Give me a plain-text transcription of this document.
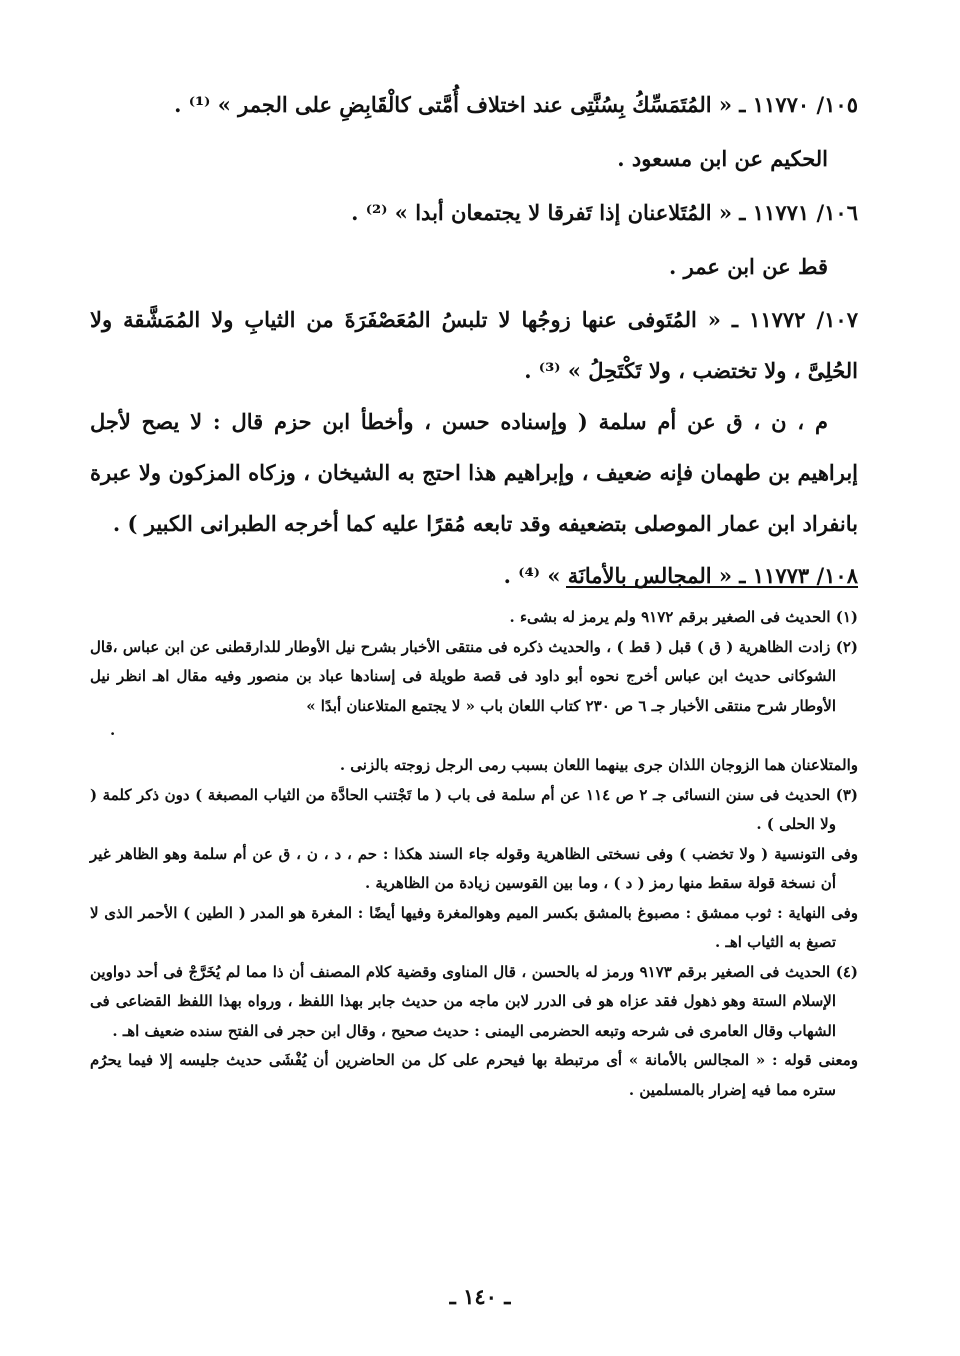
١٠٥/ ١١٧٧٠ ـ « المُتَمَسِّكُ بِسُنَّتِى عند اختلاف أُمَّتى كالْقَابِضِ على الجمر » ⁽¹⁾ .

الحكيم عن ابن مسعود .

١٠٦/ ١١٧٧١ ـ « المُتَلاعنان إذا تَفرقا لا يجتمعان أبدا » ⁽²⁾ .

قط عن ابن عمر .

١٠٧/ ١١٧٧٢ ـ « المُتَوفى عنها زوجُها لا تلبسُ المُعَصْفَرَةَ من الثيابِ ولا المُمَشَّقة ولا الحُلِىَّ ، ولا تختضب ، ولا تَكْتَحِلُ » ⁽³⁾ .

م ، ن ، ق عن أم سلمة ( وإسناده حسن ، وأخطأ ابن حزم قال : لا يصح لأجل إبراهيم بن طهمان فإنه ضعيف ، وإبراهيم هذا احتج به الشيخان ، وزكاه المزكون ولا عبرة بانفراد ابن عمار الموصلى بتضعيفه وقد تابعه مُقرًا عليه كما أخرجه الطبرانى الكبير ) .

١٠٨/ ١١٧٧٣ ـ « المجالس بالأمانَة » ⁽⁴⁾ .

(١) الحديث فى الصغير برقم ٩١٧٢ ولم يرمز له بشىء .

(٢) زادت الظاهرية ( ق ) قبل ( قط ) ، والحديث ذكره فى منتقى الأخبار بشرح نيل الأوطار للدارقطنى عن ابن عباس ،قال الشوكانى حديث ابن عباس أخرج نحوه أبو داود فى قصة طويلة فى إسنادها عباد بن منصور وفيه مقال اهـ انظر نيل الأوطار شرح منتقى الأخبار جـ ٦ ص ٢٣٠ كتاب اللعان باب « لا يجتمع المتلاعنان أبدًا »

.

والمتلاعنان هما الزوجان اللذان جرى بينهما اللعان بسبب رمى الرجل زوجته بالزنى .

(٣) الحديث فى سنن النسائى جـ ٢ ص ١١٤ عن أم سلمة فى باب ( ما تَجْتنب الحادَّة من الثياب المصبغة ) دون ذكر كلمة ( ولا الحلى ) .

وفى التونسية ( ولا تخضب ) وفى نسختى الظاهرية وقوله جاء السند هكذا : حم ، د ، ن ، ق عن أم سلمة وهو الظاهر غير أن نسخة قولة سقط منها رمز ( د ) ، وما بين القوسين زيادة من الظاهرية .

وفى النهاية : ثوب ممشق : مصبوغ بالمشق بكسر الميم وهوالمغرة وفيها أيضًا : المغرة هو المدر ( الطين ) الأحمر الذى لا تصبغ به الثياب اهـ .

(٤) الحديث فى الصغير برقم ٩١٧٣ ورمز له بالحسن ، قال المناوى وقضية كلام المصنف أن ذا مما لم يُخَرَّجْ فى أحد دواوين الإسلام الستة وهو ذهول فقد عزاه هو فى الدرر لابن ماجه من حديث جابر بهذا اللفظ ، ورواه بهذا اللفظ القضاعى فى الشهاب وقال العامرى فى شرحه وتبعه الحضرمى اليمنى : حديث صحيح ، وقال ابن حجر فى الفتح سنده ضعيف اهـ .

ومعنى قوله : « المجالس بالأمانة » أى مرتبطة بها فيحرم على كل من الحاضرين أن يُفْشَى حديث جليسه إلا فيما يحرُم ستره مما فيه إضرار بالمسلمين .

ـ ١٤٠ ـ
